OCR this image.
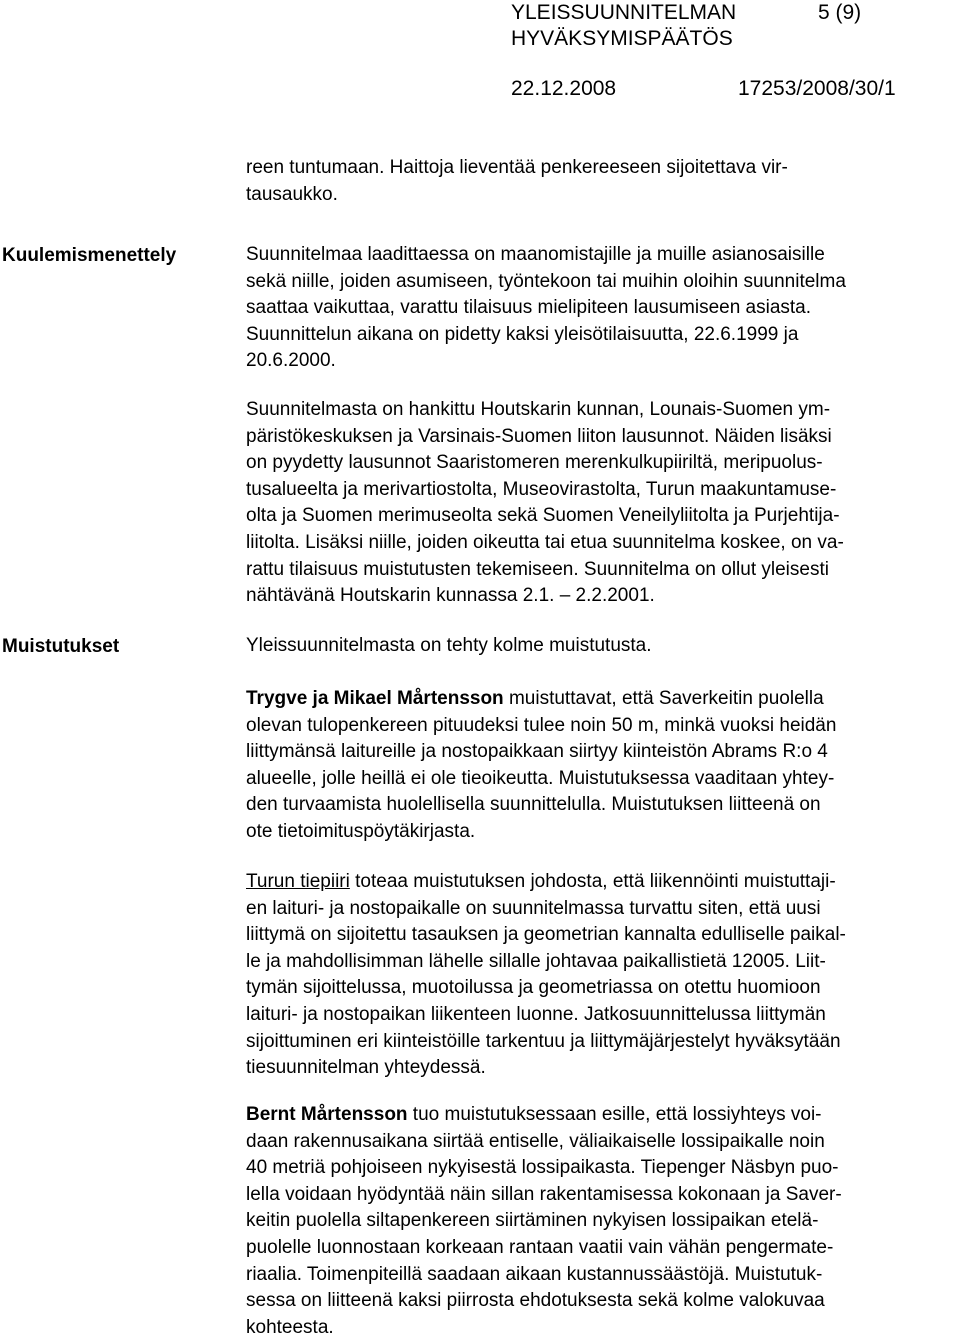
YLEISSUUNNITELMAN	5 (9)
HYVÄKSYMISPÄÄTÖS
22.12.2008	17253/2008/30/1
reen tuntumaan. Haittoja lieventää penkereeseen sijoitettava vir-
tausaukko.
Kuulemismenettely	Suunnitelmaa laadittaessa on maanomistajille ja muille asianosaisille
sekä niille, joiden asumiseen, työntekoon tai muihin oloihin suunnitelma
saattaa vaikuttaa, varattu tilaisuus mielipiteen lausumiseen asiasta.
Suunnittelun aikana on pidetty kaksi yleisötilaisuutta, 22.6.1999 ja
20.6.2000.
Suunnitelmasta on hankittu Houtskarin kunnan, Lounais-Suomen ym-
päristökeskuksen ja Varsinais-Suomen liiton lausunnot. Näiden lisäksi
on pyydetty lausunnot Saaristomeren merenkulkupiiriltä, meripuolus-
tusalueelta ja merivartiostolta, Museovirastolta, Turun maakuntamuse-
olta ja Suomen merimuseolta sekä Suomen Veneilyliitolta ja Purjehtija-
liitolta. Lisäksi niille, joiden oikeutta tai etua suunnitelma koskee, on va-
rattu tilaisuus muistutusten tekemiseen. Suunnitelma on ollut yleisesti
nähtävänä Houtskarin kunnassa 2.1. – 2.2.2001.
Muistutukset	Yleissuunnitelmasta on tehty kolme muistutusta.
Trygve ja Mikael Mårtensson muistuttavat, että Saverkeitin puolella
olevan tulopenkereen pituudeksi tulee noin 50 m, minkä vuoksi heidän
liittymänsä laitureille ja nostopaikkaan siirtyy kiinteistön Abrams R:o 4
alueelle, jolle heillä ei ole tieoikeutta. Muistutuksessa vaaditaan yhtey-
den turvaamista huolellisella suunnittelulla. Muistutuksen liitteenä on
ote tietoimituspöytäkirjasta.
Turun tiepiiri toteaa muistutuksen johdosta, että liikennöinti muistuttaji-
en laituri- ja nostopaikalle on suunnitelmassa turvattu siten, että uusi
liittymä on sijoitettu tasauksen ja geometrian kannalta edulliselle paikal-
le ja mahdollisimman lähelle sillalle johtavaa paikallistietä 12005. Liit-
tymän sijoittelussa, muotoilussa ja geometriassa on otettu huomioon
laituri- ja nostopaikan liikenteen luonne. Jatkosuunnittelussa liittymän
sijoittuminen eri kiinteistöille tarkentuu ja liittymäjärjestelyt hyväksytään
tiesuunnitelman yhteydessä.
Bernt Mårtensson tuo muistutuksessaan esille, että lossiyhteys voi-
daan rakennusaikana siirtää entiselle, väliaikaiselle lossipaikalle noin
40 metriä pohjoiseen nykyisestä lossipaikasta. Tiepenger Näsbyn puo-
lella voidaan hyödyntää näin sillan rakentamisessa kokonaan ja Saver-
keitin puolella siltapenkereen siirtäminen nykyisen lossipaikan etelä-
puolelle luonnostaan korkeaan rantaan vaatii vain vähän pengermate-
riaalia. Toimenpiteillä saadaan aikaan kustannussäästöjä. Muistutuk-
sessa on liitteenä kaksi piirrosta ehdotuksesta sekä kolme valokuvaa
kohteesta.
